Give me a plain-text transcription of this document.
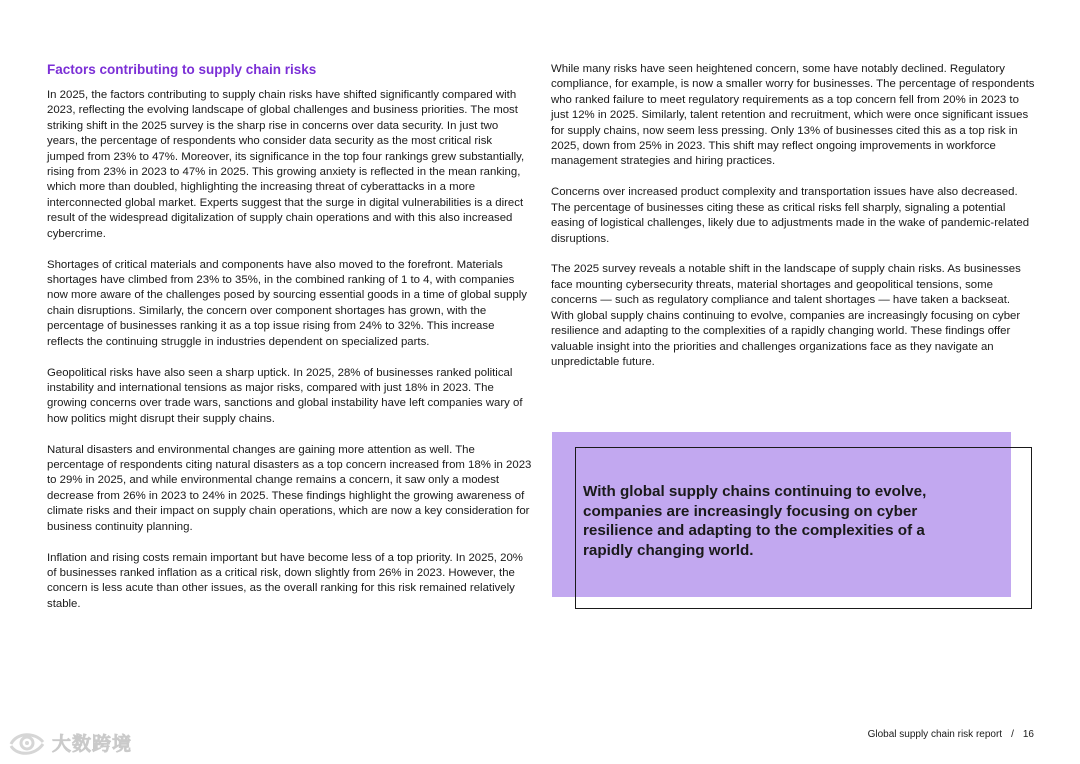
Factors contributing to supply chain risks

In 2025, the factors contributing to supply chain risks have shifted significantly compared with 2023, reflecting the evolving landscape of global challenges and business priorities. The most striking shift in the 2025 survey is the sharp rise in concerns over data security. In just two years, the percentage of respondents who consider data security as the most critical risk jumped from 23% to 47%. Moreover, its significance in the top four rankings grew substantially, rising from 23% in 2023 to 47% in 2025. This growing anxiety is reflected in the mean ranking, which more than doubled, highlighting the increasing threat of cyberattacks in a more interconnected global market. Experts suggest that the surge in digital vulnerabilities is a direct result of the widespread digitalization of supply chain operations and with this also increased cybercrime.

Shortages of critical materials and components have also moved to the forefront. Materials shortages have climbed from 23% to 35%, in the combined ranking of 1 to 4, with companies now more aware of the challenges posed by sourcing essential goods in a time of global supply chain disruptions. Similarly, the concern over component shortages has grown, with the percentage of businesses ranking it as a top issue rising from 24% to 32%. This increase reflects the continuing struggle in industries dependent on specialized parts.

Geopolitical risks have also seen a sharp uptick. In 2025, 28% of businesses ranked political instability and international tensions as major risks, compared with just 18% in 2023. The growing concerns over trade wars, sanctions and global instability have left companies wary of how politics might disrupt their supply chains.

Natural disasters and environmental changes are gaining more attention as well. The percentage of respondents citing natural disasters as a top concern increased from 18% in 2023 to 29% in 2025, and while environmental change remains a concern, it saw only a modest decrease from 26% in 2023 to 24% in 2025. These findings highlight the growing awareness of climate risks and their impact on supply chain operations, which are now a key consideration for business continuity planning.

Inflation and rising costs remain important but have become less of a top priority. In 2025, 20% of businesses ranked inflation as a critical risk, down slightly from 26% in 2023. However, the concern is less acute than other issues, as the overall ranking for this risk remained relatively stable.

While many risks have seen heightened concern, some have notably declined. Regulatory compliance, for example, is now a smaller worry for businesses. The percentage of respondents who ranked failure to meet regulatory requirements as a top concern fell from 20% in 2023 to just 12% in 2025. Similarly, talent retention and recruitment, which were once significant issues for supply chains, now seem less pressing. Only 13% of businesses cited this as a top risk in 2025, down from 25% in 2023. This shift may reflect ongoing improvements in workforce management strategies and hiring practices.

Concerns over increased product complexity and transportation issues have also decreased. The percentage of businesses citing these as critical risks fell sharply, signaling a potential easing of logistical challenges, likely due to adjustments made in the wake of pandemic-related disruptions.

The 2025 survey reveals a notable shift in the landscape of supply chain risks. As businesses face mounting cybersecurity threats, material shortages and geopolitical tensions, some concerns — such as regulatory compliance and talent shortages — have taken a backseat. With global supply chains continuing to evolve, companies are increasingly focusing on cyber resilience and adapting to the complexities of a rapidly changing world. These findings offer valuable insight into the priorities and challenges organizations face as they navigate an unpredictable future.

With global supply chains continuing to evolve, companies are increasingly focusing on cyber resilience and adapting to the complexities of a rapidly changing world.

大数跨境	Global supply chain risk report / 16
